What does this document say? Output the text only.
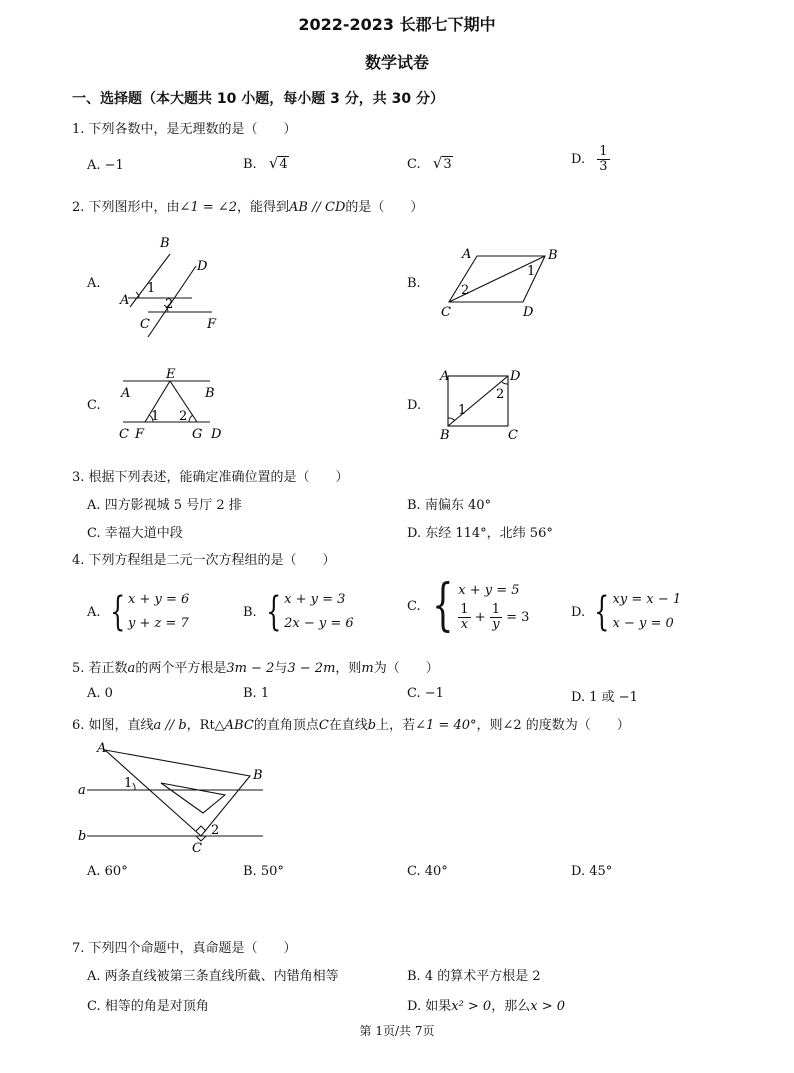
2022-2023 长郡七下期中
数学试卷
一、选择题（本大题共 10 小题，每小题 3 分，共 30 分）
1. 下列各数中，是无理数的是（　　）
A. −1	B. √4	C. √3	D. $\frac{1}{3}$
2. 下列图形中，由∠1 = ∠2，能得到AB // CD的是（　　）
A.
B
D
A
1
2
C	F
B.
A	B
1
2
C	D
C.
E
A	B
1 2
C F	G D
D.
A	D
2
1
B	C
3. 根据下列表述，能确定准确位置的是（　　）
A. 四方影视城 5 号厅 2 排	B. 南偏东 40°
C. 幸福大道中段	D. 东经 114°，北纬 56°
4. 下列方程组是二元一次方程组的是（　　）
A. { x + y = 6
y + z = 7
B. { x + y = 3
2x − y = 6
C. { x + y = 5
$\frac{1}{x} + \frac{1}{y} = 3$	D. { xy = x − 1
x − y = 0
5. 若正数a的两个平方根是3m − 2与3 − 2m，则m为（　　）
A. 0	B. 1	C. −1	D. 1 或 −1
6. 如图，直线a // b，Rt△ABC的直角顶点C在直线b上，若∠1 = 40°，则∠2 的度数为（　　）
A
B
a
b
1
2
C
A. 60°	B. 50°	C. 40°	D. 45°
7. 下列四个命题中，真命题是（　　）
A. 两条直线被第三条直线所截、内错角相等	B. 4 的算术平方根是 2
C. 相等的角是对顶角	D. 如果x² > 0，那么x > 0
第 1页/共 7页
